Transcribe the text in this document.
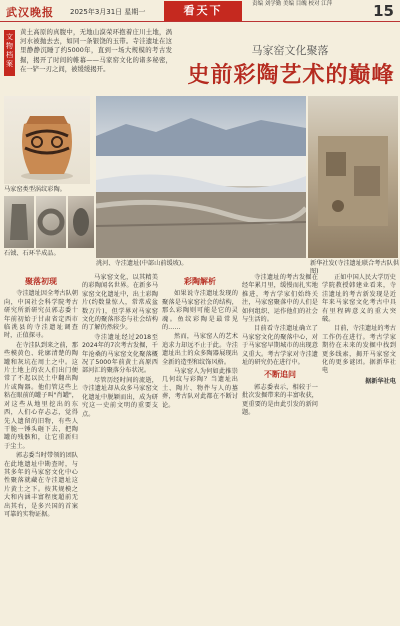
武汉晚报 2025年3月31日 星期一	看天下	责编 刘学勤 美编 目魄 校对 江萍	15
文物档案
黄土高原的真腹中，无地山漠荣环抱着庄川土地，涡河水被抛去去，如同一条银饶的玉带。寺洼遗址在这里静静沉睡了约5000年，直到一场大规模的考古发掘，揭开了时间的帷幕——马家窑文化的诸多秘密，在一铲一刃之间，被缓缓揭开。
马家窑文化聚落
史前彩陶艺术的巅峰
马家窑类型涡纹彩陶。
石钺、石环半成品。
洮河、寺洼遗址(中部山前缓坡)。	新华社发(寺洼遗址联合考古队供图)
聚落初现

寺洼遗址因全考古队朝向，中国社会科学院考古研究所新研究员郭志委十年前初始于甘肃省定西市临洮县的寺洼遗址调查时，正值探寻。

在寺洼队到来之前，那些模黄色、轮廓清楚的陶罐和灰坑在周土之中。这片土地上的农人们出门便常了不起以民土中翻出陶片或陶器。他们管这些上粘在眼前的罐子叫"肖罐"，对这些从地里挖出的东西，人们心存忐忑，觉得先人遗留的旧物，有些人干脆一锤头砸下去，把陶罐的残骸和，让它重新归于尘土。

郭志委当时带领的团队在此地遗址中勘查时，与其多年的马家窑文化中心性聚落就藏在寺洼遗址这片黄土之下。按其规模之大和内涵丰富程度超前无出其右，是多兴国的首案可靠的实物证据。

马家窑文化，以其精美的彩陶闻名世界。在新多马家窑文化遗址中，出土彩陶片(约数量惊人，常常成盆数万片)，但学界对马家窑文化的聚落形态与社会结构的了解仍然较少。

寺洼遗址经过2018至2024年的7次考古发掘，千年沧桑的马家窑文化聚落概况了5000年前黄土高原西部河汇的聚落分布状况。

尽管历经时间的流逝，寺洼遗址却从众多马家窑文化遗址中脱颖而出，成为研究这一史前文明的重要支点。

彩陶解析

如果说寺洼遗址发现的聚落是马家窑社会的结构，那么彩陶则可能是它的灵魂。鱼纹彩陶是最常见的……

然而，马家窑人的艺术追求力却远不止于此。寺洼遗址出土的众多陶器展现出全新的造型和纹饰风格。

马家窑人为何如此推崇几何纹与彩陶？当遗址出土、陶片、物件与人的墓葬，考古队对此都在不断讨论。

寺洼遗址的考古发掘在经年累月里，缓慢而扎实地推进，考古学家们始终关注，马家窑聚落中的人们是如何组织、运作他们的社会与生活的。

目前看寺洼遗址确立了马家窑文化的聚落中心，对于马家窑早期城市的出现意义重大。考古学家对寺洼遗址的研究仍在进行中。

不断追问

郭志委表示，相较于一批次发掘带来的丰富收获，更重要的是由此引发的新问题。

正如中国人民大学历史学院教授韩建业看来，寺洼遗址的考古新发现是近年来马家窑文化考古中具有里程碑意义的重大突破。

目前，寺洼遗址的考古工作仍在进行。考古学家期待在未来的发掘中找到更多线索，揭开马家窑文化的更多谜团。据新华社电

据新华社电
